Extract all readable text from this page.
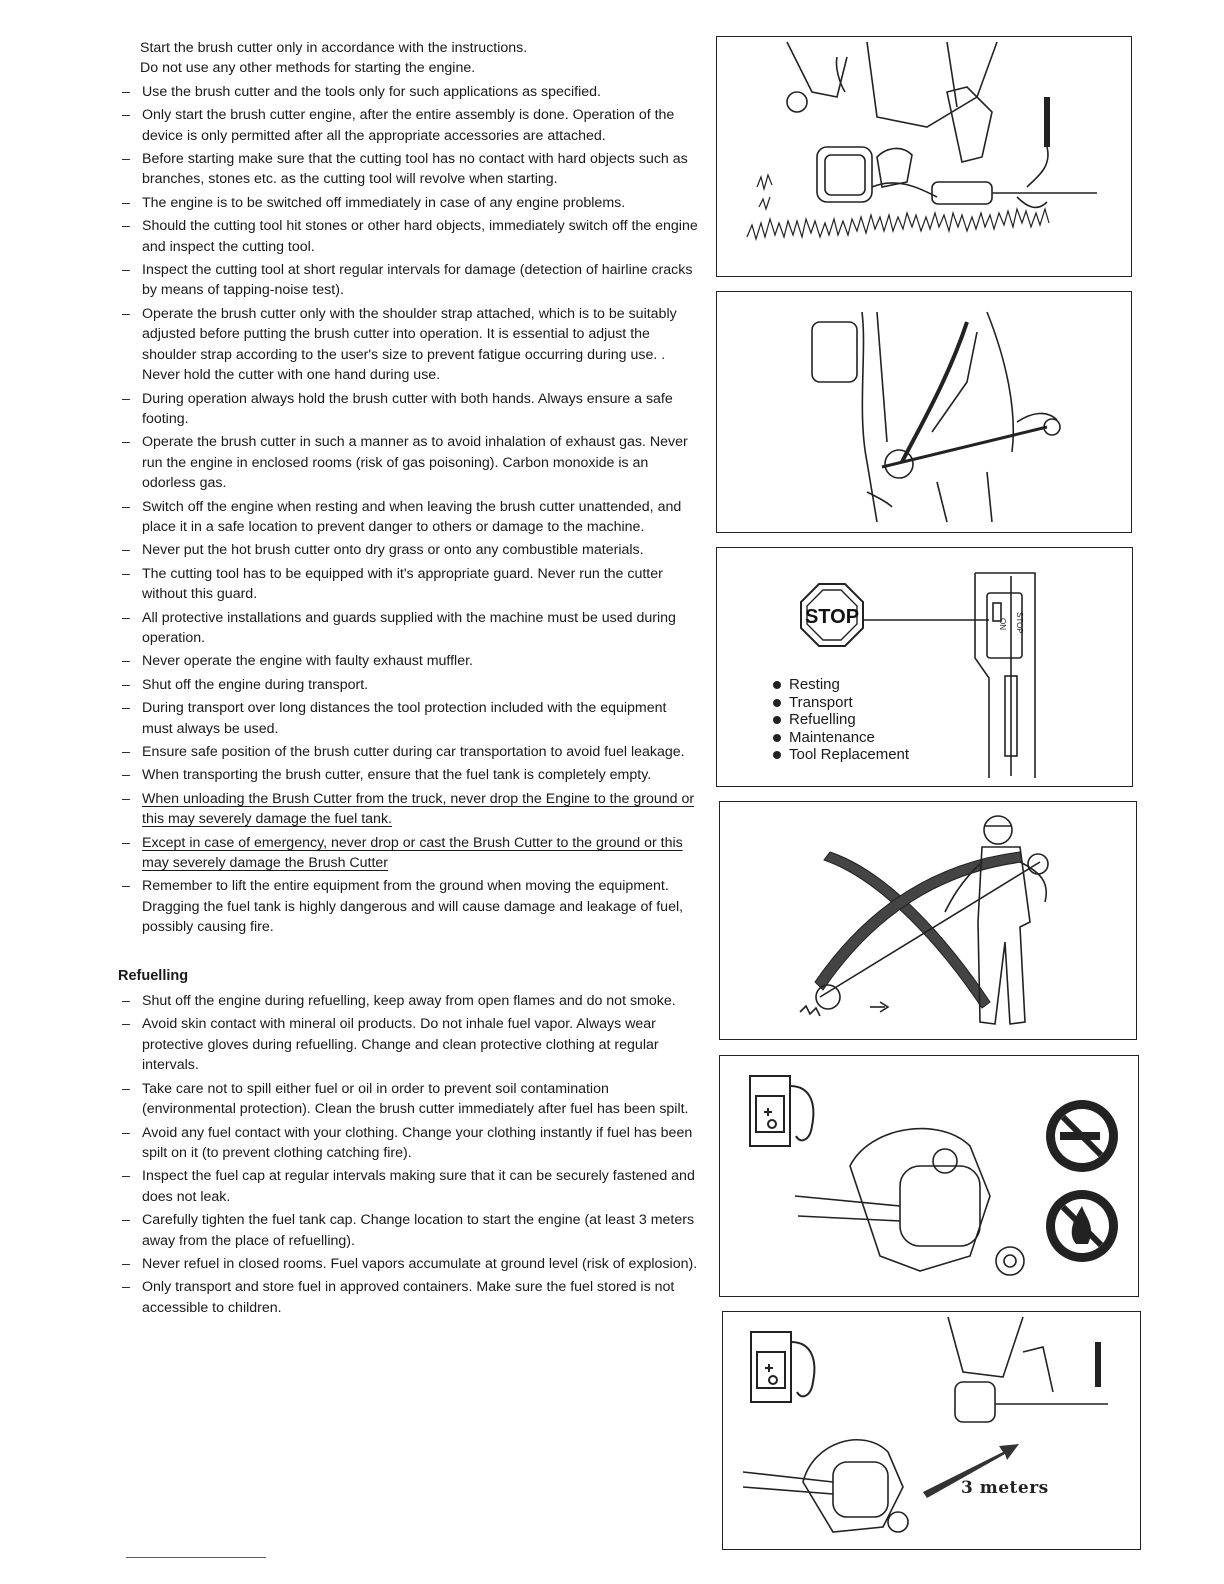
Start the brush cutter only in accordance with the instructions.
Do not use any other methods for starting the engine.
– Use the brush cutter and the tools only for such applications as specified.
– Only start the brush cutter engine, after the entire assembly is done. Operation of the device is only permitted after all the appropriate accessories are attached.
– Before starting make sure that the cutting tool has no contact with hard objects such as branches, stones etc. as the cutting tool will revolve when starting.
– The engine is to be switched off immediately in case of any engine problems.
– Should the cutting tool hit stones or other hard objects, immediately switch off the engine and inspect the cutting tool.
– Inspect the cutting tool at short regular intervals for damage (detection of hairline cracks by means of tapping-noise test).
– Operate the brush cutter only with the shoulder strap attached, which is to be suitably adjusted before putting the brush cutter into operation. It is essential to adjust the shoulder strap according to the user's size to prevent fatigue occurring during use. . Never hold the cutter with one hand during use.
– During operation always hold the brush cutter with both hands. Always ensure a safe footing.
– Operate the brush cutter in such a manner as to avoid inhalation of exhaust gas. Never run the engine in enclosed rooms (risk of gas poisoning). Carbon monoxide is an odorless gas.
– Switch off the engine when resting and when leaving the brush cutter unattended, and place it in a safe location to prevent danger to others or damage to the machine.
– Never put the hot brush cutter onto dry grass or onto any combustible materials.
– The cutting tool has to be equipped with it's appropriate guard. Never run the cutter without this guard.
– All protective installations and guards supplied with the machine must be used during operation.
– Never operate the engine with faulty exhaust muffler.
– Shut off the engine during transport.
– During transport over long distances the tool protection included with the equipment must always be used.
– Ensure safe position of the brush cutter during car transportation to avoid fuel leakage.
– When transporting the brush cutter, ensure that the fuel tank is completely empty.
– When unloading the Brush Cutter from the truck, never drop the Engine to the ground or this may severely damage the fuel tank.
– Except in case of emergency, never drop or cast the Brush Cutter to the ground or this may severely damage the Brush Cutter
– Remember to lift the entire equipment from the ground when moving the equipment. Dragging the fuel tank is highly dangerous and will cause damage and leakage of fuel, possibly causing fire.
Refuelling
– Shut off the engine during refuelling, keep away from open flames and do not smoke.
– Avoid skin contact with mineral oil products. Do not inhale fuel vapor. Always wear protective gloves during refuelling. Change and clean protective clothing at regular intervals.
– Take care not to spill either fuel or oil in order to prevent soil contamination (environmental protection). Clean the brush cutter immediately after fuel has been spilt.
– Avoid any fuel contact with your clothing. Change your clothing instantly if fuel has been spilt on it (to prevent clothing catching fire).
– Inspect the fuel cap at regular intervals making sure that it can be securely fastened and does not leak.
– Carefully tighten the fuel tank cap. Change location to start the engine (at least 3 meters away from the place of refuelling).
– Never refuel in closed rooms. Fuel vapors accumulate at ground level (risk of explosion).
– Only transport and store fuel in approved containers. Make sure the fuel stored is not accessible to children.
STOP	ON STOP
Resting
Transport
Refuelling
Maintenance
Tool Replacement
3 meters
